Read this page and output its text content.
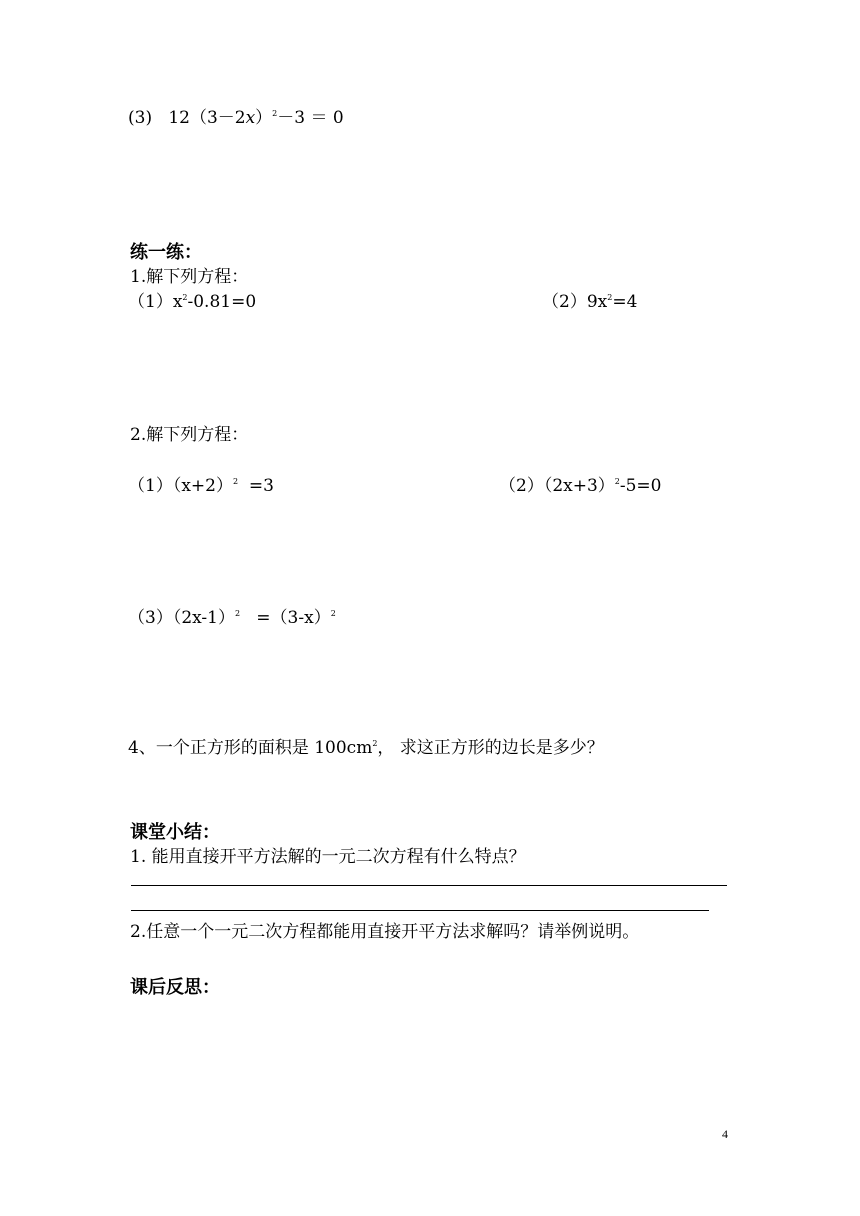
(3) $12(3-2x)^2-3 = 0$
练一练：
1.解下列方程：
$(1)x^2-0.81=0$	$(2)9x^2=4$
2.解下列方程：
$(1)(x+2)^2 =3$	$(2)(2x+3)^2-5=0$
$(3)(2x-1)^2 =(3-x)^2$
4、一个正方形的面积是 $100cm^2$， 求这正方形的边长是多少？
课堂小结：
1. 能用直接开平方法解的一元二次方程有什么特点？
2.任意一个一元二次方程都能用直接开平方法求解吗？请举例说明。
课后反思：
4
